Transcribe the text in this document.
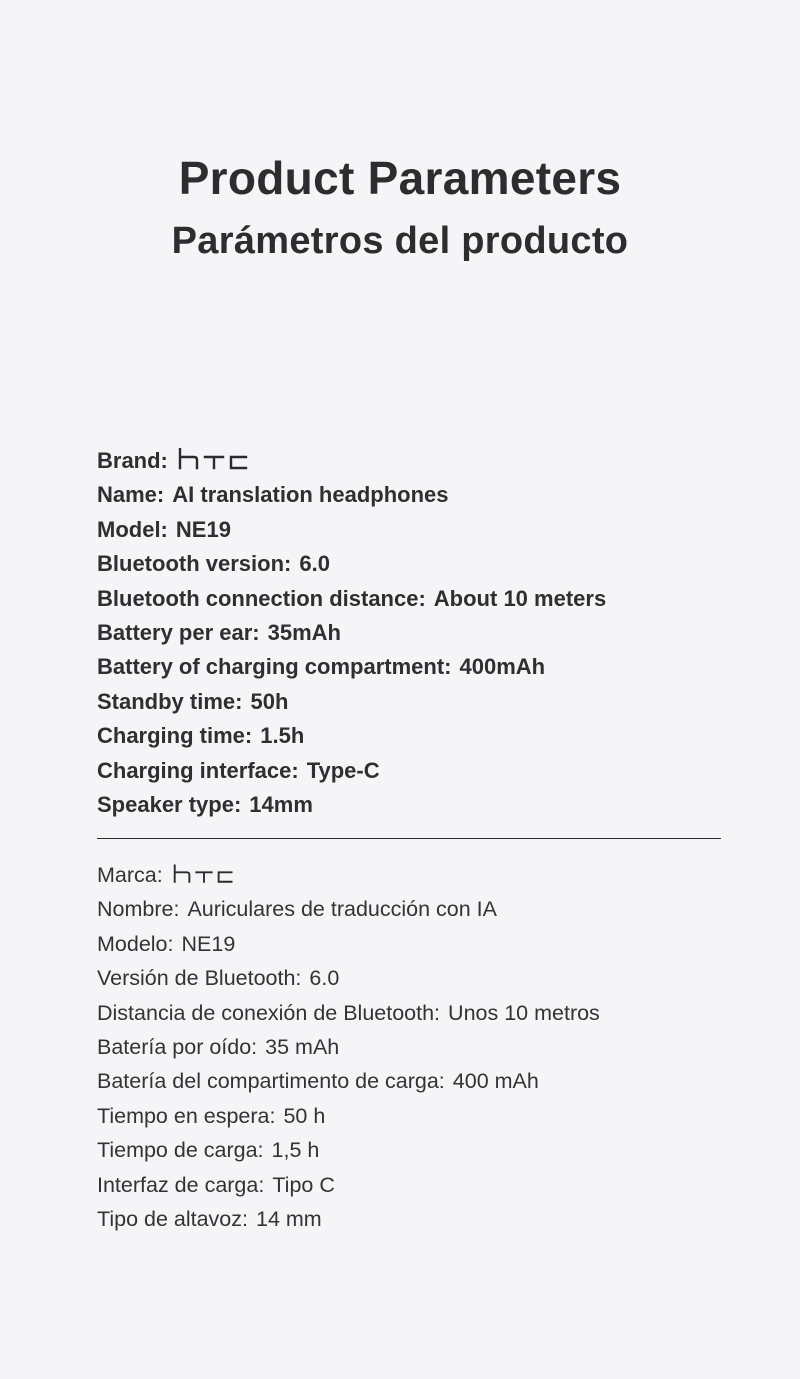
Product Parameters
Parámetros del producto
Brand:
Name: AI translation headphones
Model: NE19
Bluetooth version: 6.0
Bluetooth connection distance: About 10 meters
Battery per ear: 35mAh
Battery of charging compartment: 400mAh
Standby time: 50h
Charging time: 1.5h
Charging interface: Type-C
Speaker type: 14mm
Marca:
Nombre: Auriculares de traducción con IA
Modelo: NE19
Versión de Bluetooth: 6.0
Distancia de conexión de Bluetooth: Unos 10 metros
Batería por oído: 35 mAh
Batería del compartimento de carga: 400 mAh
Tiempo en espera: 50 h
Tiempo de carga: 1,5 h
Interfaz de carga: Tipo C
Tipo de altavoz: 14 mm
